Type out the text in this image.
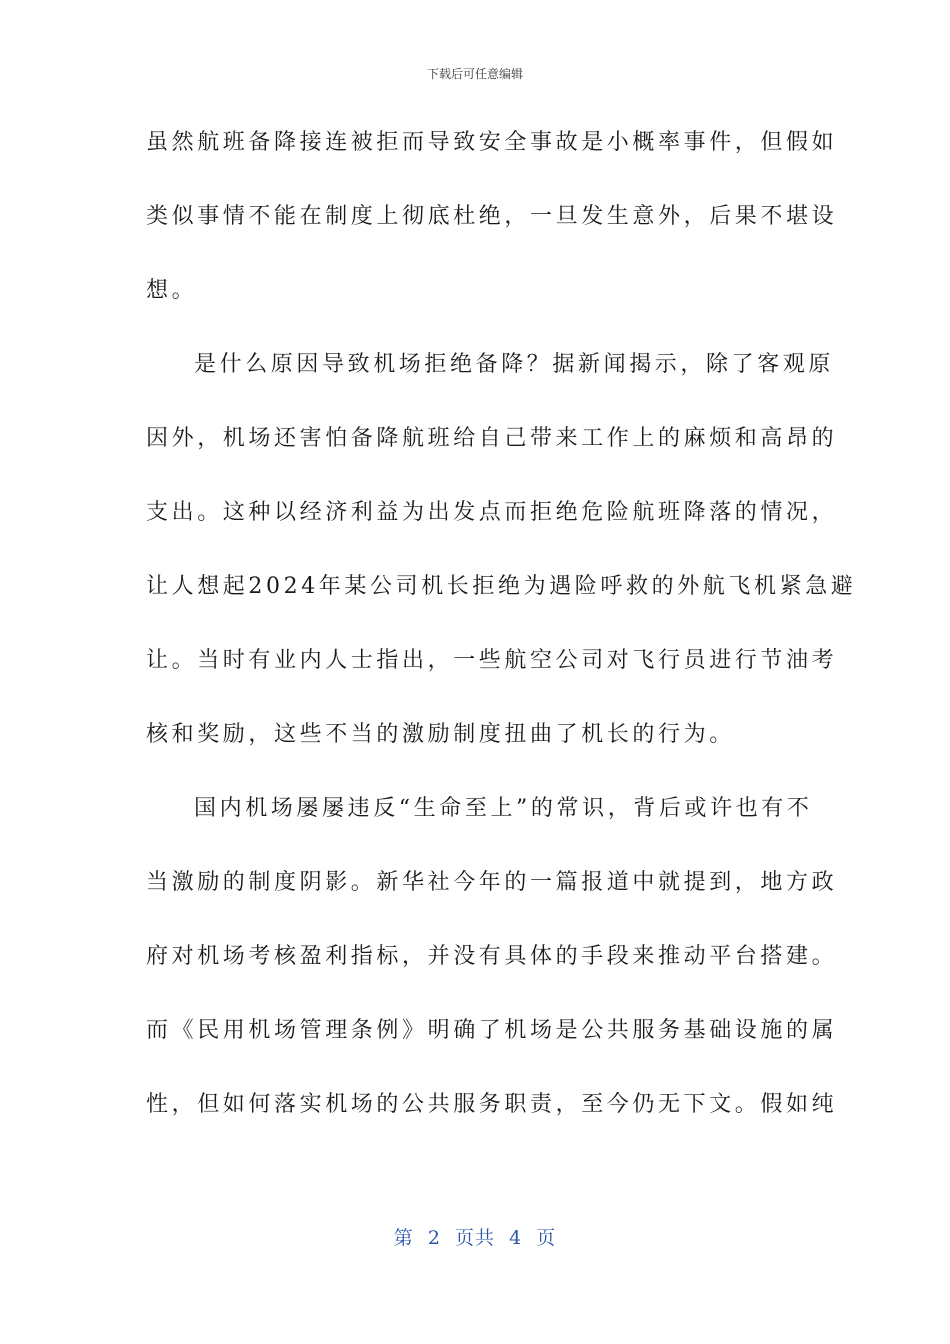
下载后可任意编辑
虽然航班备降接连被拒而导致安全事故是小概率事件，但假如
类似事情不能在制度上彻底杜绝，一旦发生意外，后果不堪设
想。
是什么原因导致机场拒绝备降？据新闻揭示，除了客观原
因外，机场还害怕备降航班给自己带来工作上的麻烦和高昂的
支出。这种以经济利益为出发点而拒绝危险航班降落的情况，
让人想起2024年某公司机长拒绝为遇险呼救的外航飞机紧急避
让。当时有业内人士指出，一些航空公司对飞行员进行节油考
核和奖励，这些不当的激励制度扭曲了机长的行为。
国内机场屡屡违反“生命至上”的常识，背后或许也有不
当激励的制度阴影。新华社今年的一篇报道中就提到，地方政
府对机场考核盈利指标，并没有具体的手段来推动平台搭建。
而《民用机场管理条例》明确了机场是公共服务基础设施的属
性，但如何落实机场的公共服务职责，至今仍无下文。假如纯
第  2  页共  4  页
